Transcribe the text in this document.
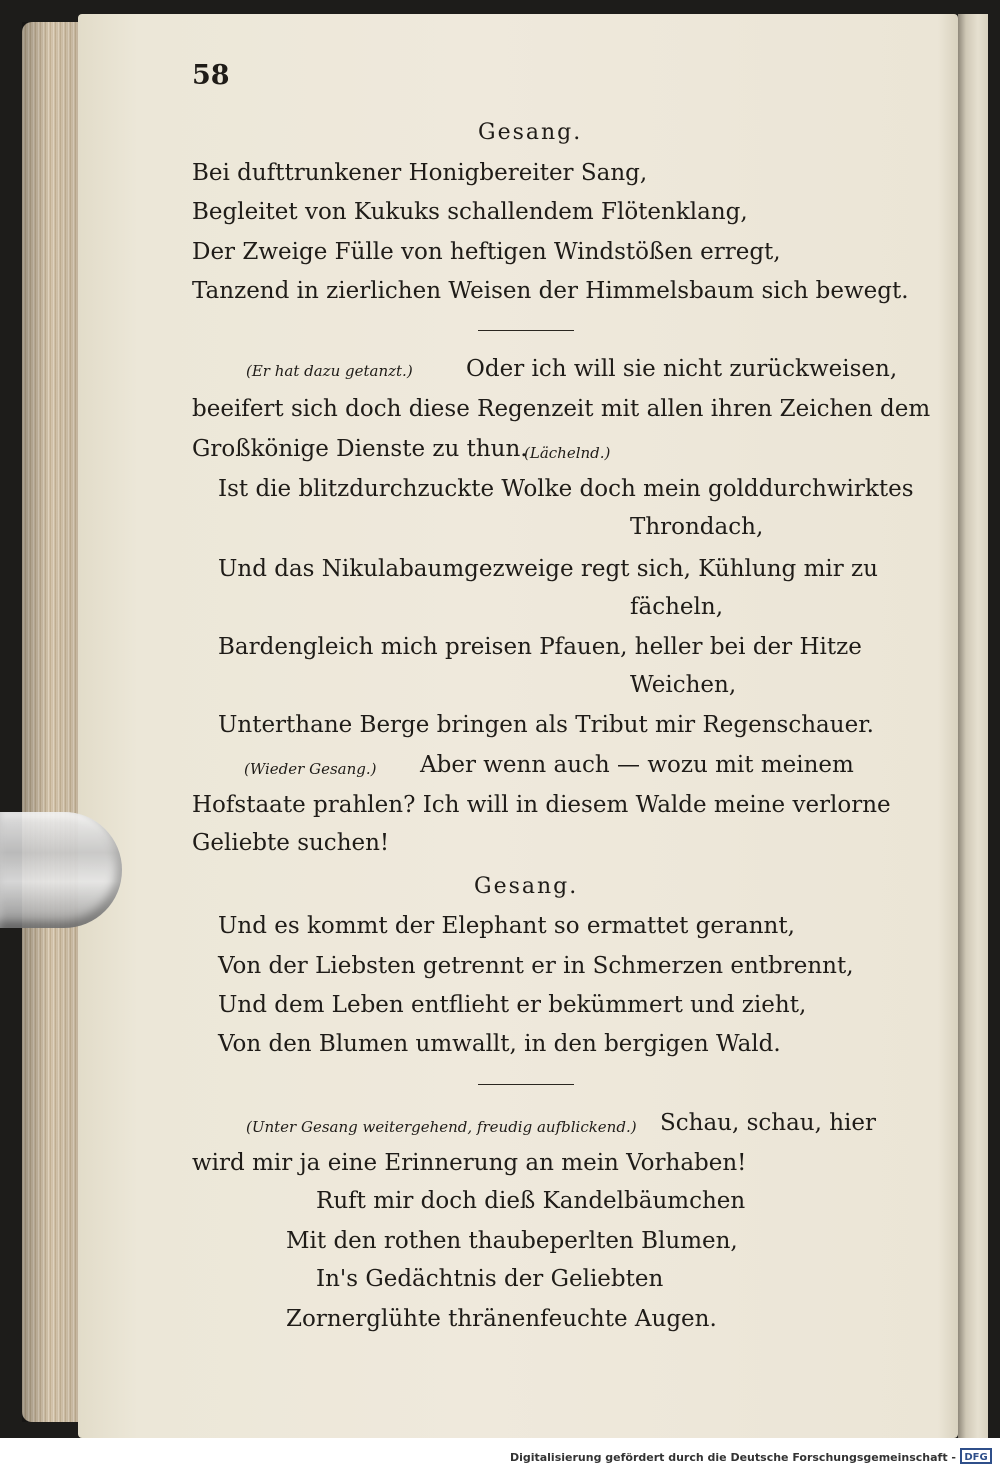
58
Gesang.
Bei dufttrunkener Honigbereiter Sang,
Begleitet von Kukuks schallendem Flötenklang,
Der Zweige Fülle von heftigen Windstößen erregt,
Tanzend in zierlichen Weisen der Himmelsbaum sich bewegt.
(Er hat dazu getanzt.) Oder ich will sie nicht zurückweisen,
beeifert sich doch diese Regenzeit mit allen ihren Zeichen dem
Großkönige Dienste zu thun.
(Lächelnd.)
Ist die blitzdurchzuckte Wolke doch mein golddurchwirktes
Throndach,
Und das Nikulabaumgezweige regt sich, Kühlung mir zu
fächeln,
Bardengleich mich preisen Pfauen, heller bei der Hitze
Weichen,
Unterthane Berge bringen als Tribut mir Regenschauer.
(Wieder Gesang.) Aber wenn auch — wozu mit meinem
Hofstaate prahlen? Ich will in diesem Walde meine verlorne
Geliebte suchen!
Gesang.
Und es kommt der Elephant so ermattet gerannt,
Von der Liebsten getrennt er in Schmerzen entbrennt,
Und dem Leben entflieht er bekümmert und zieht,
Von den Blumen umwallt, in den bergigen Wald.
(Unter Gesang weitergehend, freudig aufblickend.) Schau, schau, hier
wird mir ja eine Erinnerung an mein Vorhaben!
Ruft mir doch dieß Kandelbäumchen
Mit den rothen thaubeperlten Blumen,
In's Gedächtnis der Geliebten
Zornerglühte thränenfeuchte Augen.
Digitalisierung gefördert durch die Deutsche Forschungsgemeinschaft - DFG
